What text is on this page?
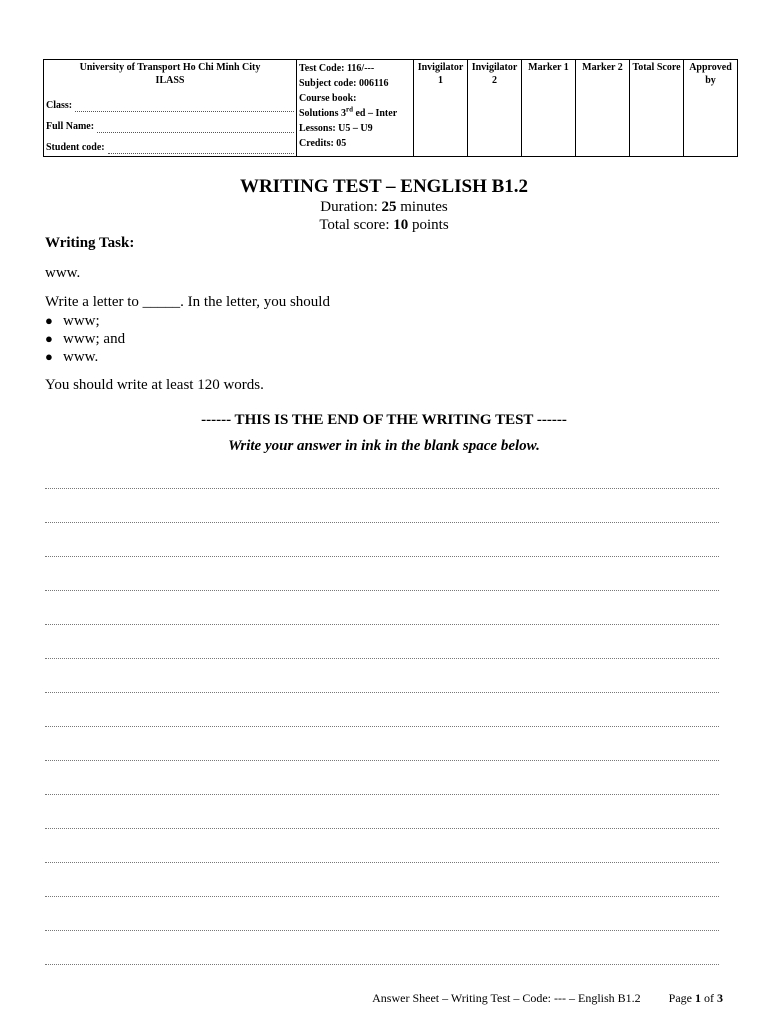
University of Transport Ho Chi Minh City
ILASS
Class:
Full Name:
Student code:

Test Code: 116/---
Subject code: 006116
Course book:
Solutions 3rd ed – Inter
Lessons: U5 – U9
Credits: 05
	Invigilator 1	Invigilator 2	Marker 1	Marker 2	Total Score	Approved by
WRITING TEST – ENGLISH B1.2
Duration: 25 minutes
Total score: 10 points
Writing Task:
www.
Write a letter to _____. In the letter, you should
● www;
● www; and
● www.
You should write at least 120 words.
------ THIS IS THE END OF THE WRITING TEST ------
Write your answer in ink in the blank space below.
Answer Sheet – Writing Test – Code: --- – English B1.2 Page 1 of 3
